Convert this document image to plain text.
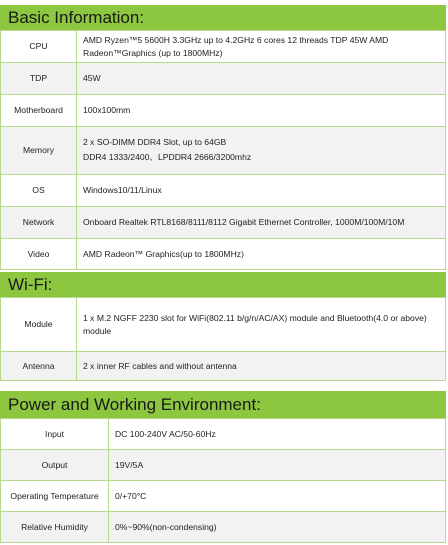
Basic Information:
CPU	AMD Ryzen™5 5600H 3.3GHz up to 4.2GHz 6 cores 12 threads TDP 45W AMD Radeon™Graphics (up to 1800MHz)
TDP	45W
Motherboard	100x100mm
Memory	2 x SO-DIMM DDR4 Slot, up to 64GB
DDR4 1333/2400、LPDDR4 2666/3200mhz

OS	Windows10/11/Linux
Network	Onboard Realtek RTL8168/8111/8112 Gigabit Ethernet Controller, 1000M/100M/10M
Video	AMD Radeon™ Graphics(up to 1800MHz)
Wi-Fi:
Module	1 x M.2 NGFF 2230 slot for WiFi(802.11 b/g/n/AC/AX) module and Bluetooth(4.0 or above) module
Antenna	2 x inner RF cables and without antenna
Power and Working Environment:
Input	DC 100-240V AC/50-60Hz
Output	19V/5A
Operating Temperature	0/+70°C
Relative Humidity	0%~90%(non-condensing)
